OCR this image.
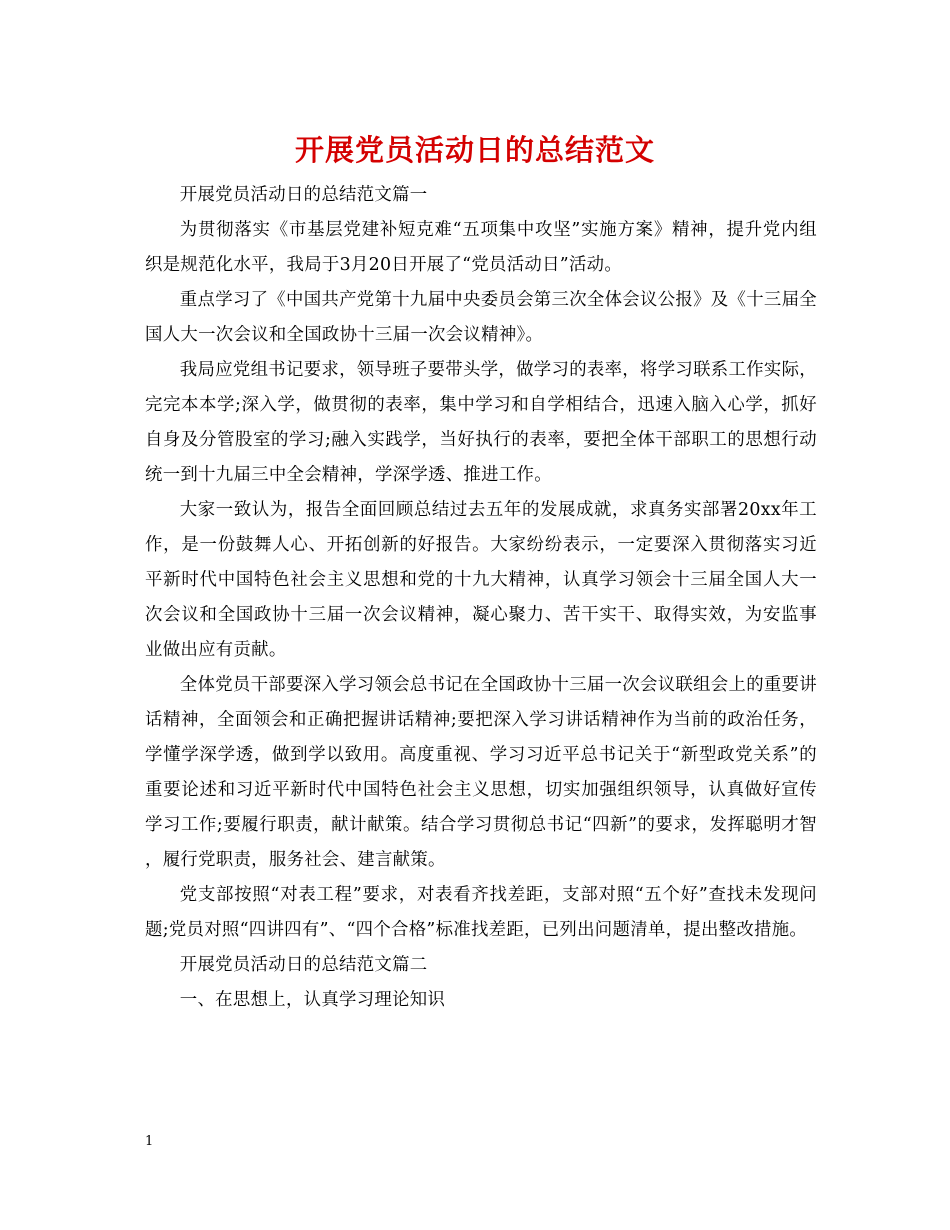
开展党员活动日的总结范文

开展党员活动日的总结范文篇一

为贯彻落实《市基层党建补短克难“五项集中攻坚”实施方案》精神，提升党内组织是规范化水平，我局于3月20日开展了“党员活动日”活动。

重点学习了《中国共产党第十九届中央委员会第三次全体会议公报》及《十三届全国人大一次会议和全国政协十三届一次会议精神》。

我局应党组书记要求，领导班子要带头学，做学习的表率，将学习联系工作实际，完完本本学;深入学，做贯彻的表率，集中学习和自学相结合，迅速入脑入心学，抓好自身及分管股室的学习;融入实践学，当好执行的表率，要把全体干部职工的思想行动统一到十九届三中全会精神，学深学透、推进工作。

大家一致认为，报告全面回顾总结过去五年的发展成就，求真务实部署20xx年工作，是一份鼓舞人心、开拓创新的好报告。大家纷纷表示，一定要深入贯彻落实习近平新时代中国特色社会主义思想和党的十九大精神，认真学习领会十三届全国人大一次会议和全国政协十三届一次会议精神，凝心聚力、苦干实干、取得实效，为安监事业做出应有贡献。

全体党员干部要深入学习领会总书记在全国政协十三届一次会议联组会上的重要讲话精神，全面领会和正确把握讲话精神;要把深入学习讲话精神作为当前的政治任务，学懂学深学透，做到学以致用。高度重视、学习习近平总书记关于“新型政党关系”的重要论述和习近平新时代中国特色社会主义思想，切实加强组织领导，认真做好宣传学习工作;要履行职责，献计献策。结合学习贯彻总书记“四新”的要求，发挥聪明才智，履行党职责，服务社会、建言献策。

党支部按照“对表工程”要求，对表看齐找差距，支部对照“五个好”查找未发现问题;党员对照“四讲四有”、“四个合格”标准找差距，已列出问题清单，提出整改措施。

开展党员活动日的总结范文篇二

一、在思想上，认真学习理论知识

1
